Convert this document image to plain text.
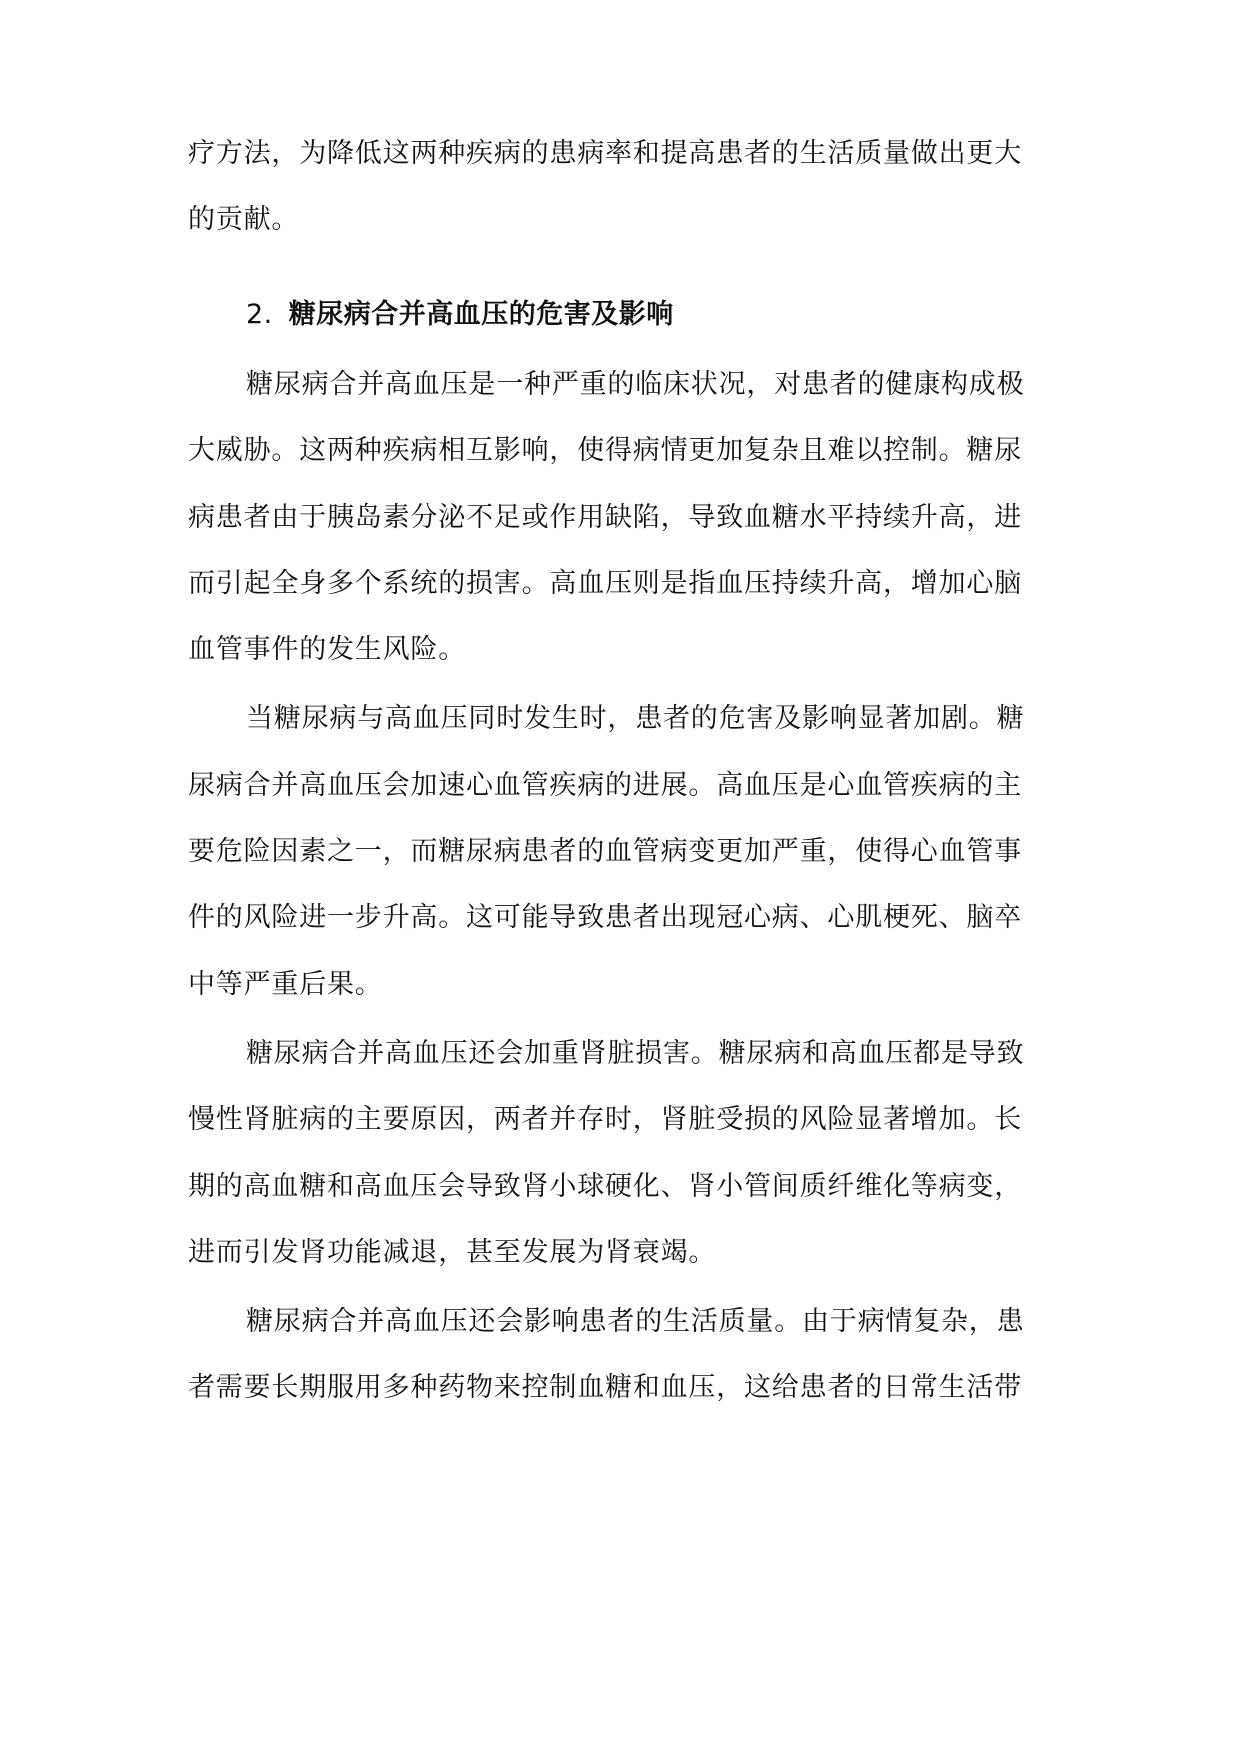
疗方法，为降低这两种疾病的患病率和提高患者的生活质量做出更大
的贡献。
2. 糖尿病合并高血压的危害及影响
糖尿病合并高血压是一种严重的临床状况，对患者的健康构成极
大威胁。这两种疾病相互影响，使得病情更加复杂且难以控制。糖尿
病患者由于胰岛素分泌不足或作用缺陷，导致血糖水平持续升高，进
而引起全身多个系统的损害。高血压则是指血压持续升高，增加心脑
血管事件的发生风险。
当糖尿病与高血压同时发生时，患者的危害及影响显著加剧。糖
尿病合并高血压会加速心血管疾病的进展。高血压是心血管疾病的主
要危险因素之一，而糖尿病患者的血管病变更加严重，使得心血管事
件的风险进一步升高。这可能导致患者出现冠心病、心肌梗死、脑卒
中等严重后果。
糖尿病合并高血压还会加重肾脏损害。糖尿病和高血压都是导致
慢性肾脏病的主要原因，两者并存时，肾脏受损的风险显著增加。长
期的高血糖和高血压会导致肾小球硬化、肾小管间质纤维化等病变，
进而引发肾功能减退，甚至发展为肾衰竭。
糖尿病合并高血压还会影响患者的生活质量。由于病情复杂，患
者需要长期服用多种药物来控制血糖和血压，这给患者的日常生活带
